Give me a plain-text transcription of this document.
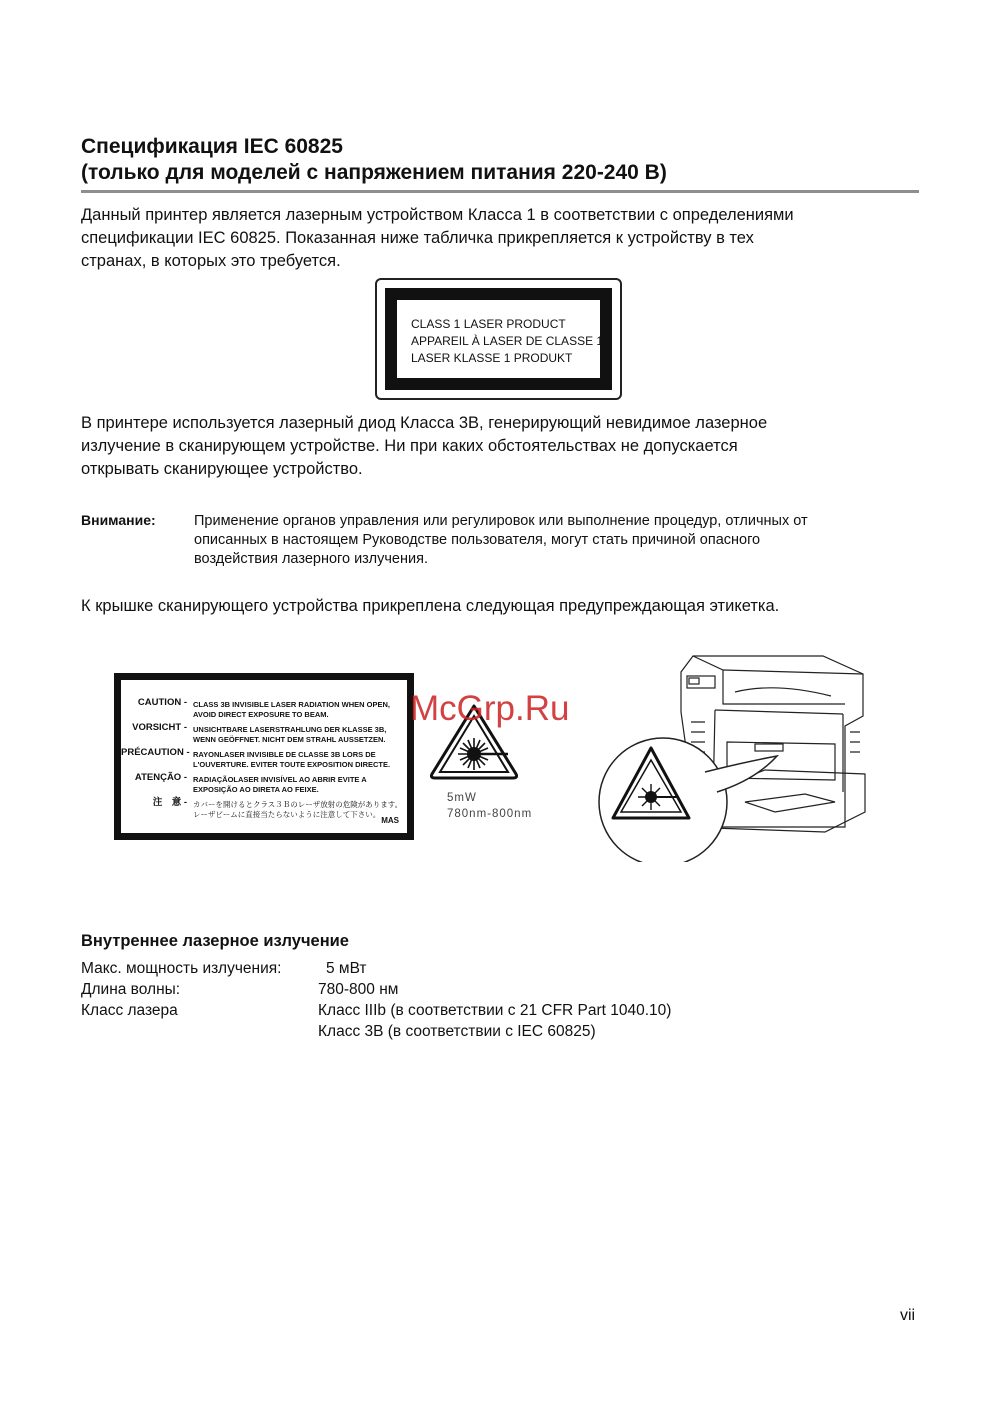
Спецификация IEC 60825
(только для моделей с напряжением питания 220-240 В)
Данный принтер является лазерным устройством Класса 1 в соответствии с определениями
спецификации IEC 60825. Показанная ниже табличка прикрепляется к устройству в тех
странах, в которых это требуется.
CLASS 1 LASER PRODUCT
APPAREIL À LASER DE CLASSE 1
LASER KLASSE 1 PRODUKT
В принтере используется лазерный диод Класса 3B, генерирующий невидимое лазерное
излучение в сканирующем устройстве. Ни при каких обстоятельствах не допускается
открывать сканирующее устройство.
Внимание:	Применение органов управления или регулировок или выполнение процедур, отличных от
описанных в настоящем Руководстве пользователя, могут стать причиной опасного
воздействия лазерного излучения.
К крышке сканирующего устройства прикреплена следующая предупреждающая этикетка.
CAUTION - CLASS 3B INVISIBLE LASER RADIATION WHEN OPEN,
AVOID DIRECT EXPOSURE TO BEAM.
VORSICHT - UNSICHTBARE LASERSTRAHLUNG DER KLASSE 3B,
WENN GEÖFFNET. NICHT DEM STRAHL AUSSETZEN.
PRÉCAUTION - RAYONLASER INVISIBLE DE CLASSE 3B LORS DE
L'OUVERTURE. EVITER TOUTE EXPOSITION DIRECTE.
ATENÇÃO - RADIAÇÃOLASER INVISÍVEL AO ABRIR EVITE A
EXPOSIÇÃO AO DIRETA AO FEIXE.
注　意 - カバーを開けるとクラス３Ｂのレーザ放射の危険があります。
レーザビームに直接当たらないように注意して下さい。
MAS
5mW
780nm-800nm
McGrp.Ru
Внутреннее лазерное излучение
Макс. мощность излучения:	5 мВт
Длина волны:	780-800 нм
Класс лазера	Класс IIIb (в соответствии с 21 CFR Part 1040.10)
Класс 3B (в соответствии с IEC 60825)
vii
